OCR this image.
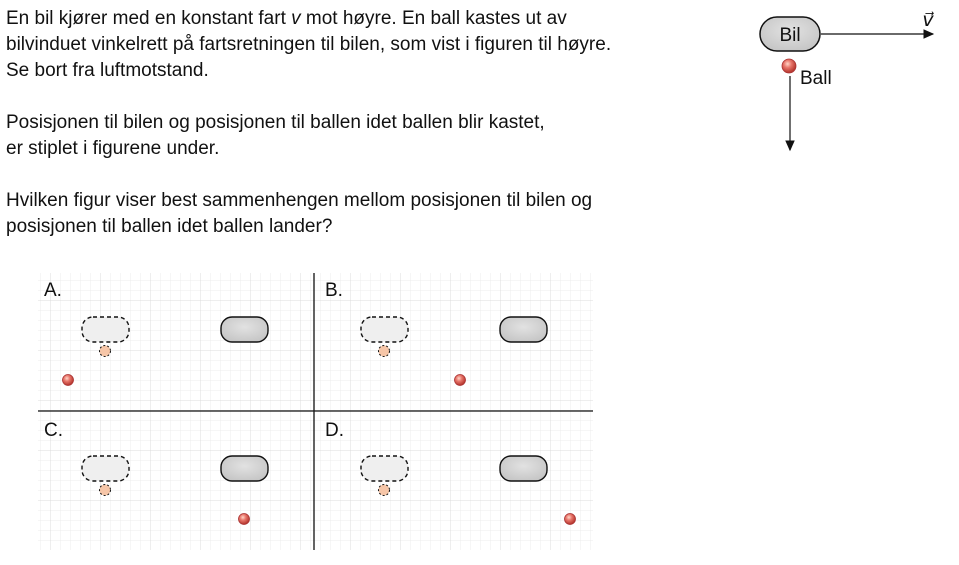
En bil kjører med en konstant fart v mot høyre. En ball kastes ut av
bilvinduet vinkelrett på fartsretningen til bilen, som vist i figuren til høyre.
Se bort fra luftmotstand.

Posisjonen til bilen og posisjonen til ballen idet ballen blir kastet,
er stiplet i figurene under.

Hvilken figur viser best sammenhengen mellom posisjonen til bilen og
posisjonen til ballen idet ballen lander?

Bil
v⃗
Ball
A.	B.
C.	D.
